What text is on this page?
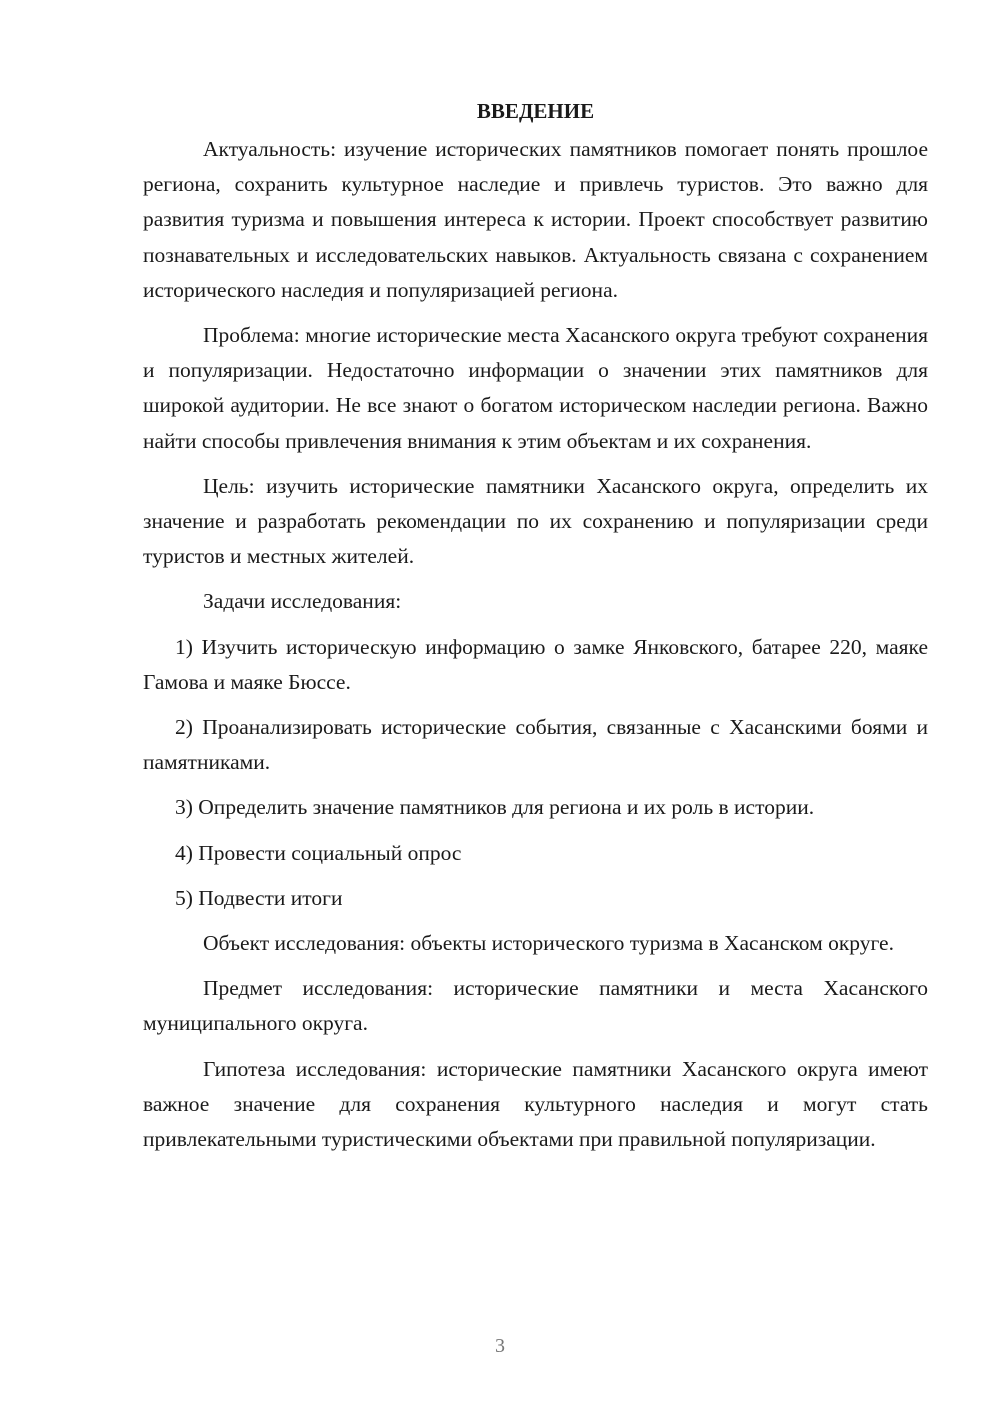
ВВЕДЕНИЕ

Актуальность: изучение исторических памятников помогает понять прошлое региона, сохранить культурное наследие и привлечь туристов. Это важно для развития туризма и повышения интереса к истории. Проект способствует развитию познавательных и исследовательских навыков. Актуальность связана с сохранением исторического наследия и популяризацией региона.

Проблема: многие исторические места Хасанского округа требуют сохранения и популяризации. Недостаточно информации о значении этих памятников для широкой аудитории. Не все знают о богатом историческом наследии региона. Важно найти способы привлечения внимания к этим объектам и их сохранения.

Цель: изучить исторические памятники Хасанского округа, определить их значение и разработать рекомендации по их сохранению и популяризации среди туристов и местных жителей.

Задачи исследования:

1) Изучить историческую информацию о замке Янковского, батарее 220, маяке Гамова и маяке Бюссе.

2) Проанализировать исторические события, связанные с Хасанскими боями и памятниками.

3) Определить значение памятников для региона и их роль в истории.

4) Провести социальный опрос

5) Подвести итоги

Объект исследования: объекты исторического туризма в Хасанском округе.

Предмет исследования: исторические памятники и места Хасанского муниципального округа.

Гипотеза исследования: исторические памятники Хасанского округа имеют важное значение для сохранения культурного наследия и могут стать привлекательными туристическими объектами при правильной популяризации.

3
